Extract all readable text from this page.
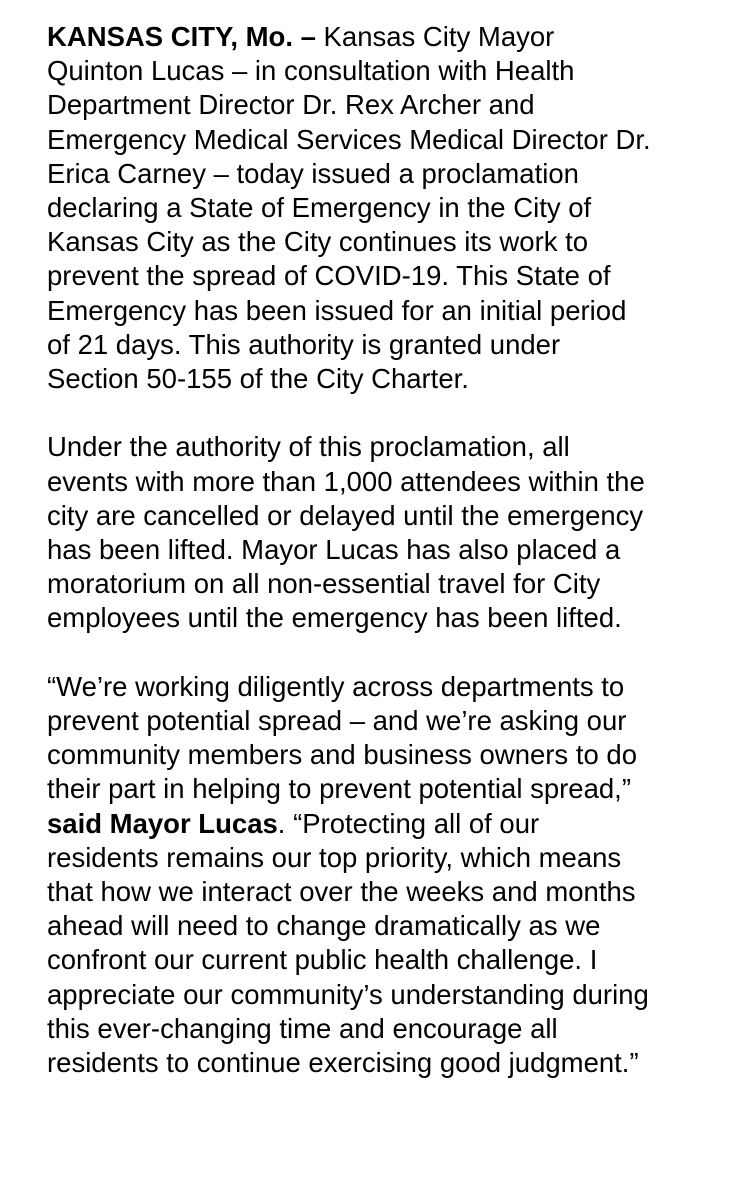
KANSAS CITY, Mo. – Kansas City Mayor
Quinton Lucas – in consultation with Health
Department Director Dr. Rex Archer and
Emergency Medical Services Medical Director Dr.
Erica Carney – today issued a proclamation
declaring a State of Emergency in the City of
Kansas City as the City continues its work to
prevent the spread of COVID-19. This State of
Emergency has been issued for an initial period
of 21 days. This authority is granted under
Section 50-155 of the City Charter.
Under the authority of this proclamation, all
events with more than 1,000 attendees within the
city are cancelled or delayed until the emergency
has been lifted. Mayor Lucas has also placed a
moratorium on all non-essential travel for City
employees until the emergency has been lifted.
“We’re working diligently across departments to
prevent potential spread – and we’re asking our
community members and business owners to do
their part in helping to prevent potential spread,”
said Mayor Lucas. “Protecting all of our
residents remains our top priority, which means
that how we interact over the weeks and months
ahead will need to change dramatically as we
confront our current public health challenge. I
appreciate our community’s understanding during
this ever-changing time and encourage all
residents to continue exercising good judgment.”
